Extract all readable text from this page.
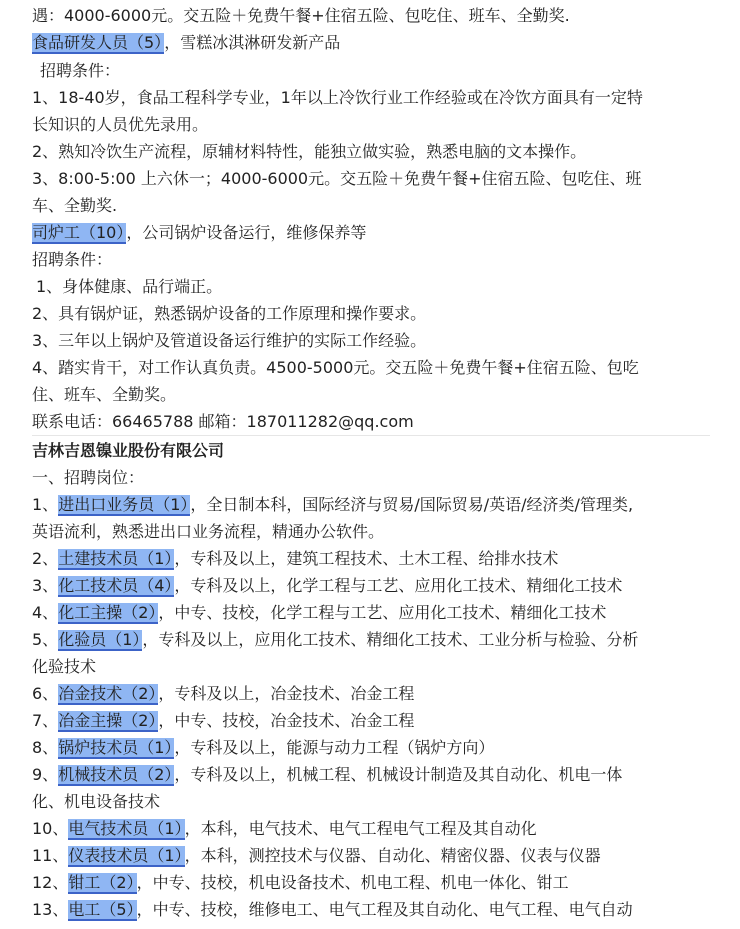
遇：4000-6000元。交五险＋免费午餐+住宿五险、包吃住、班车、全勤奖.
食品研发人员（5） ，雪糕冰淇淋研发新产品
招聘条件：
1、18-40岁，食品工程科学专业，1年以上冷饮行业工作经验或在冷饮方面具有一定特
长知识的人员优先录用。
2、熟知冷饮生产流程，原辅材料特性，能独立做实验，熟悉电脑的文本操作。
3、8:00-5:00 上六休一；4000-6000元。交五险＋免费午餐+住宿五险、包吃住、班
车、全勤奖.
司炉工（10） ，公司锅炉设备运行，维修保养等
招聘条件：
1、身体健康、品行端正。
2、具有锅炉证，熟悉锅炉设备的工作原理和操作要求。
3、三年以上锅炉及管道设备运行维护的实际工作经验。
4、踏实肯干，对工作认真负责。4500-5000元。交五险＋免费午餐+住宿五险、包吃
住、班车、全勤奖。
联系电话：66465788 邮箱：187011282@qq.com
吉林吉恩镍业股份有限公司
一、招聘岗位：
1、进出口业务员（1） ，全日制本科，国际经济与贸易/国际贸易/英语/经济类/管理类,
英语流利，熟悉进出口业务流程，精通办公软件。
2、土建技术员（1） ，专科及以上，建筑工程技术、土木工程、给排水技术
3、化工技术员（4） ，专科及以上，化学工程与工艺、应用化工技术、精细化工技术
4、化工主操（2） ，中专、技校，化学工程与工艺、应用化工技术、精细化工技术
5、化验员（1） ，专科及以上，应用化工技术、精细化工技术、工业分析与检验、分析
化验技术
6、冶金技术（2） ，专科及以上，冶金技术、冶金工程
7、冶金主操（2） ，中专、技校，冶金技术、冶金工程
8、锅炉技术员（1） ，专科及以上，能源与动力工程（锅炉方向）
9、机械技术员（2） ，专科及以上，机械工程、机械设计制造及其自动化、机电一体
化、机电设备技术
10、电气技术员（1） ，本科，电气技术、电气工程电气工程及其自动化
11、仪表技术员（1） ，本科，测控技术与仪器、自动化、精密仪器、仪表与仪器
12、钳工（2） ，中专、技校，机电设备技术、机电工程、机电一体化、钳工
13、电工（5） ，中专、技校，维修电工、电气工程及其自动化、电气工程、电气自动
